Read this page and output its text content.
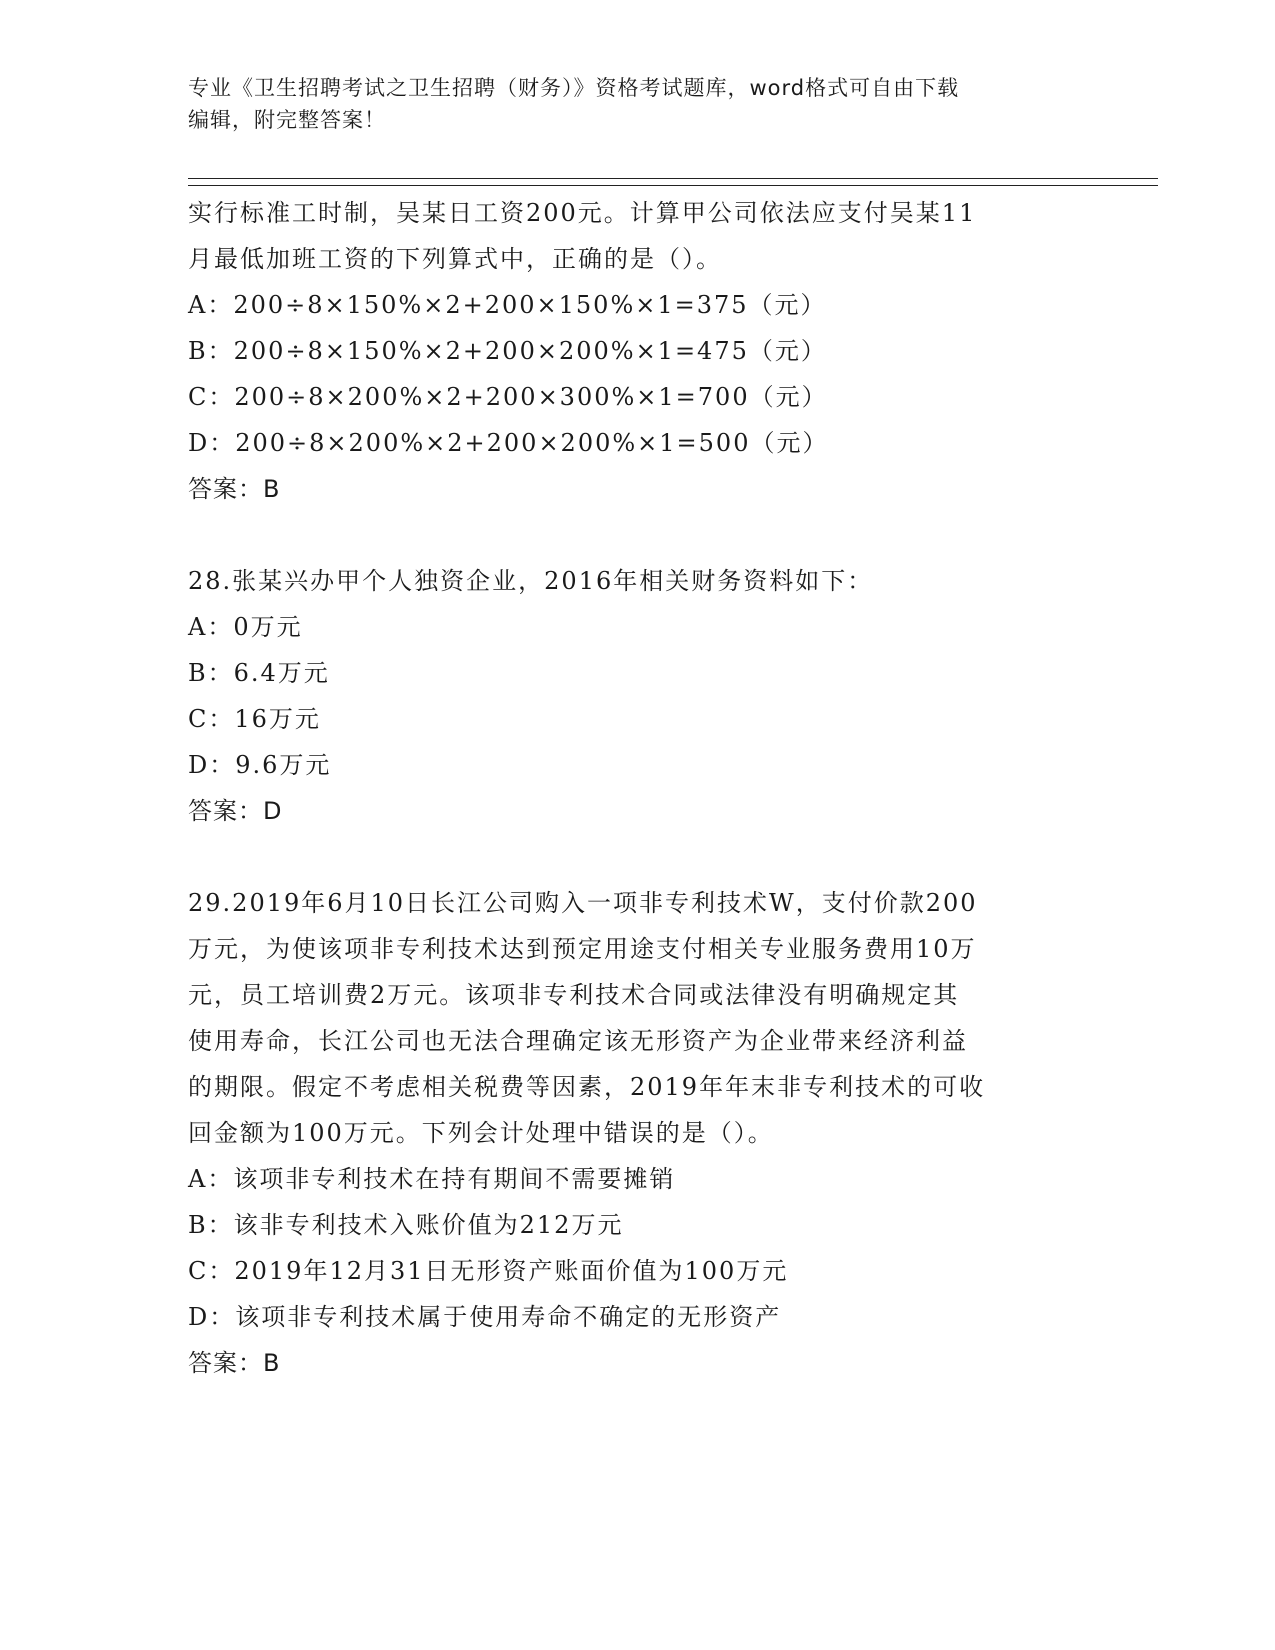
专业《卫生招聘考试之卫生招聘（财务）》资格考试题库，word格式可自由下载
编辑，附完整答案！
实行标准工时制，吴某日工资200元。计算甲公司依法应支付吴某11
月最低加班工资的下列算式中，正确的是（）。
A：200÷8×150%×2+200×150%×1=375（元）
B：200÷8×150%×2+200×200%×1=475（元）
C：200÷8×200%×2+200×300%×1=700（元）
D：200÷8×200%×2+200×200%×1=500（元）
答案：B
28.张某兴办甲个人独资企业，2016年相关财务资料如下：
A：0万元
B：6.4万元
C：16万元
D：9.6万元
答案：D
29.2019年6月10日长江公司购入一项非专利技术W，支付价款200
万元，为使该项非专利技术达到预定用途支付相关专业服务费用10万
元，员工培训费2万元。该项非专利技术合同或法律没有明确规定其
使用寿命，长江公司也无法合理确定该无形资产为企业带来经济利益
的期限。假定不考虑相关税费等因素，2019年年末非专利技术的可收
回金额为100万元。下列会计处理中错误的是（）。
A：该项非专利技术在持有期间不需要摊销
B：该非专利技术入账价值为212万元
C：2019年12月31日无形资产账面价值为100万元
D：该项非专利技术属于使用寿命不确定的无形资产
答案：B
